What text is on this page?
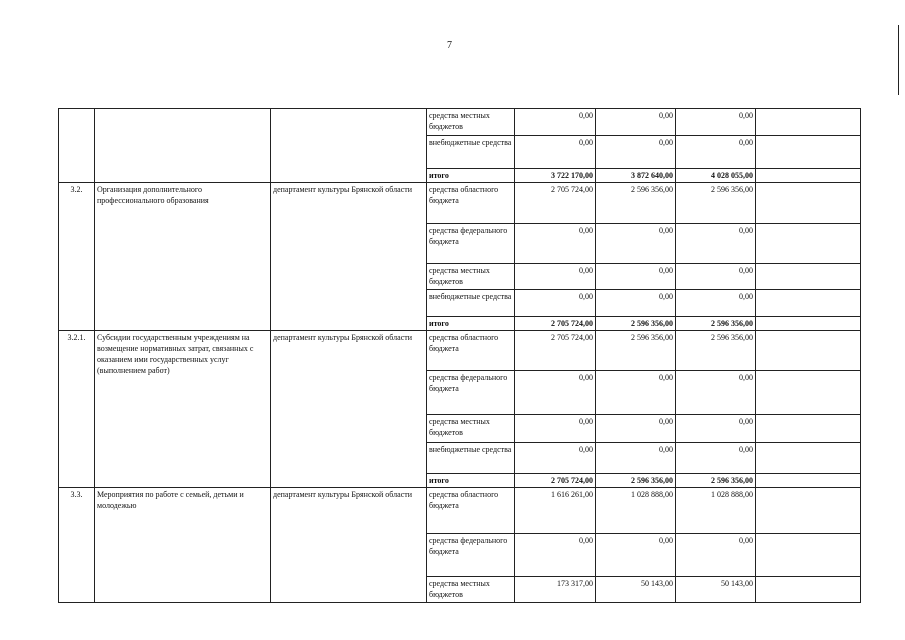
7
			средства местных бюджетов	0,00	0,00	0,00	
			внебюджетные средства	0,00	0,00	0,00	
			итого	3 722 170,00	3 872 640,00	4 028 055,00	
3.2.	Организация дополнительного профессионального образования	департамент культуры Брянской области	средства областного бюджета	2 705 724,00	2 596 356,00	2 596 356,00	
			средства федерального бюджета	0,00	0,00	0,00	
			средства местных бюджетов	0,00	0,00	0,00	
			внебюджетные средства	0,00	0,00	0,00	
			итого	2 705 724,00	2 596 356,00	2 596 356,00	
3.2.1.	Субсидии государственным учреждениям на возмещение нормативных затрат, связанных с оказанием ими государственных услуг (выполнением работ)	департамент культуры Брянской области	средства областного бюджета	2 705 724,00	2 596 356,00	2 596 356,00	
			средства федерального бюджета	0,00	0,00	0,00	
			средства местных бюджетов	0,00	0,00	0,00	
			внебюджетные средства	0,00	0,00	0,00	
			итого	2 705 724,00	2 596 356,00	2 596 356,00	
3.3.	Мероприятия по работе с семьей, детьми и молодежью	департамент культуры Брянской области	средства областного бюджета	1 616 261,00	1 028 888,00	1 028 888,00	
			средства федерального бюджета	0,00	0,00	0,00	
			средства местных бюджетов	173 317,00	50 143,00	50 143,00	
